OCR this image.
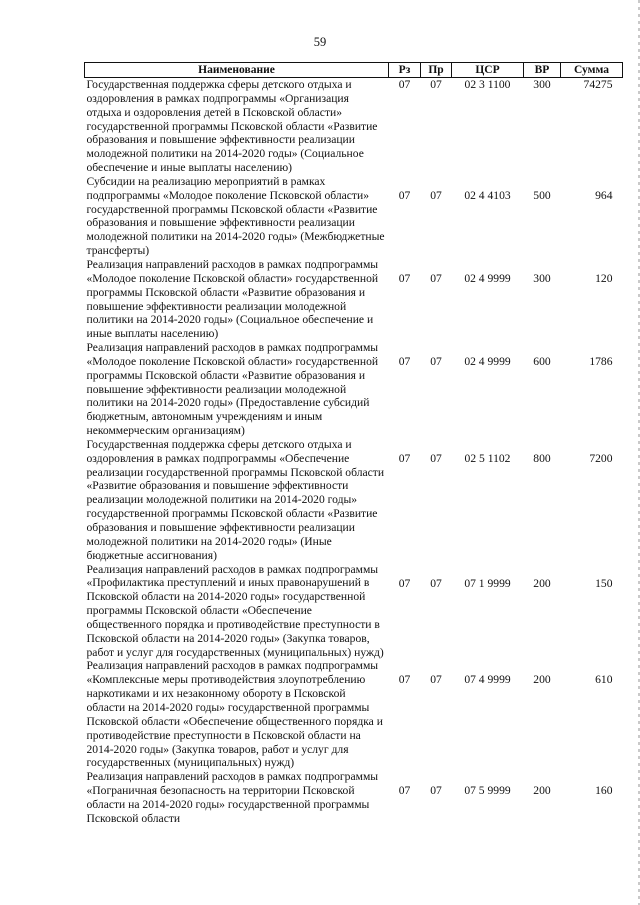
59
Наименование	Рз	Пр	ЦСР	ВР	Сумма
Государственная поддержка сферы детского отдыха и оздоровления в рамках подпрограммы «Организация отдыха и оздоровления детей в Псковской области» государственной программы Псковской области «Развитие образования и повышение эффективности реализации молодежной политики на 2014-2020 годы» (Социальное обеспечение и иные выплаты населению)	07	07	02 3 1100	300	74275
Субсидии на реализацию мероприятий в рамках подпрограммы «Молодое поколение Псковской области» государственной программы Псковской области «Развитие образования и повышение эффективности реализации молодежной политики на 2014-2020 годы» (Межбюджетные трансферты)	07	07	02 4 4103	500	964
Реализация направлений расходов в рамках подпрограммы «Молодое поколение Псковской области» государственной программы Псковской области «Развитие образования и повышение эффективности реализации молодежной политики на 2014-2020 годы» (Социальное обеспечение и иные выплаты населению)	07	07	02 4 9999	300	120
Реализация направлений расходов в рамках подпрограммы «Молодое поколение Псковской области» государственной программы Псковской области «Развитие образования и повышение эффективности реализации молодежной политики на 2014-2020 годы» (Предоставление субсидий бюджетным, автономным учреждениям и иным некоммерческим организациям)	07	07	02 4 9999	600	1786
Государственная поддержка сферы детского отдыха и оздоровления в рамках подпрограммы «Обеспечение реализации государственной программы Псковской области «Развитие образования и повышение эффективности реализации молодежной политики на 2014-2020 годы» государственной программы Псковской области «Развитие образования и повышение эффективности реализации молодежной политики на 2014-2020 годы» (Иные бюджетные ассигнования)	07	07	02 5 1102	800	7200
Реализация направлений расходов в рамках подпрограммы «Профилактика преступлений и иных правонарушений в Псковской области на 2014-2020 годы» государственной программы Псковской области «Обеспечение общественного порядка и противодействие преступности в Псковской области на 2014-2020 годы» (Закупка товаров, работ и услуг для государственных (муниципальных) нужд)	07	07	07 1 9999	200	150
Реализация направлений расходов в рамках подпрограммы «Комплексные меры противодействия злоупотреблению наркотиками и их незаконному обороту в Псковской области на 2014-2020 годы» государственной программы Псковской области «Обеспечение общественного порядка и противодействие преступности в Псковской области на 2014-2020 годы» (Закупка товаров, работ и услуг для государственных (муниципальных) нужд)	07	07	07 4 9999	200	610
Реализация направлений расходов в рамках подпрограммы «Пограничная безопасность на территории Псковской области на 2014-2020 годы» государственной программы Псковской области	07	07	07 5 9999	200	160
